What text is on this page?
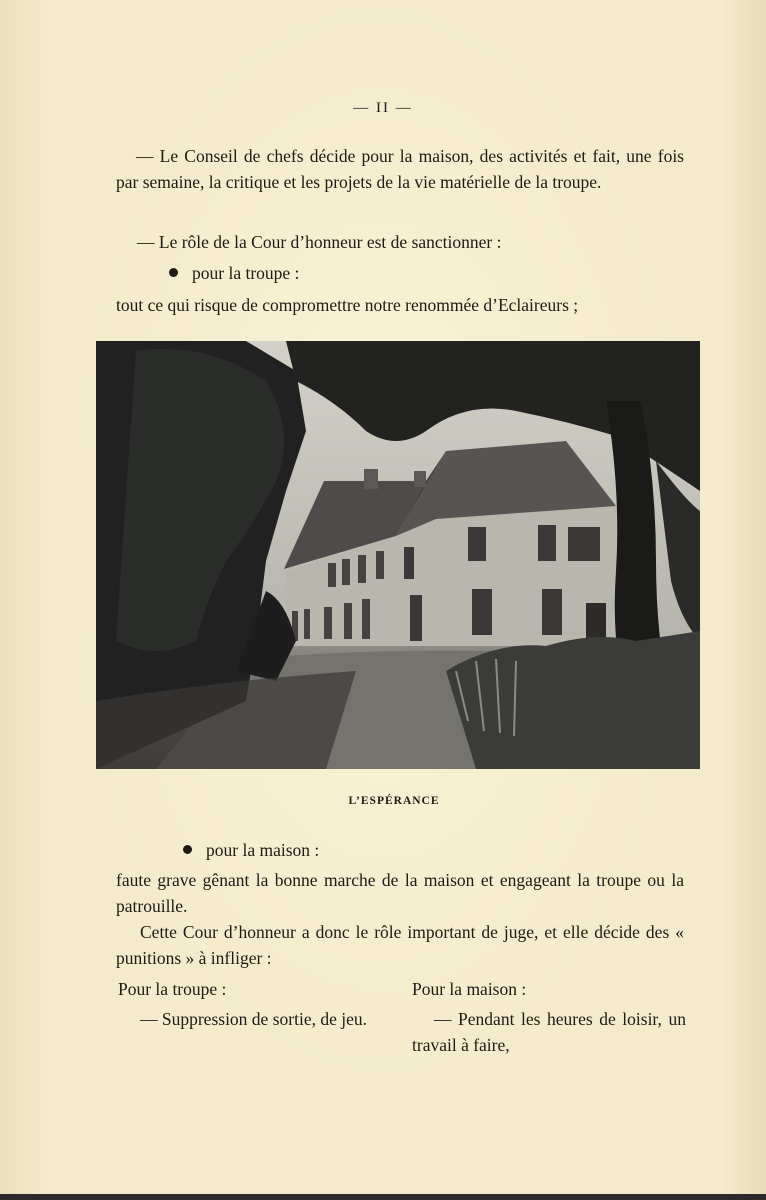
— II —
— Le Conseil de chefs décide pour la maison, des activités et fait, une fois par semaine, la critique et les projets de la vie matérielle de la troupe.
— Le rôle de la Cour d’honneur est de sanctionner :
pour la troupe :
tout ce qui risque de compromettre notre renommée d’Eclaireurs ;
L’ESPÉRANCE
pour la maison :
faute grave gênant la bonne marche de la maison et engageant la troupe ou la patrouille.
Cette Cour d’honneur a donc le rôle important de juge, et elle décide des « punitions » à infliger :
Pour la troupe :
— Suppression de sortie, de jeu.
Pour la maison :
— Pendant les heures de loisir, un travail à faire,
